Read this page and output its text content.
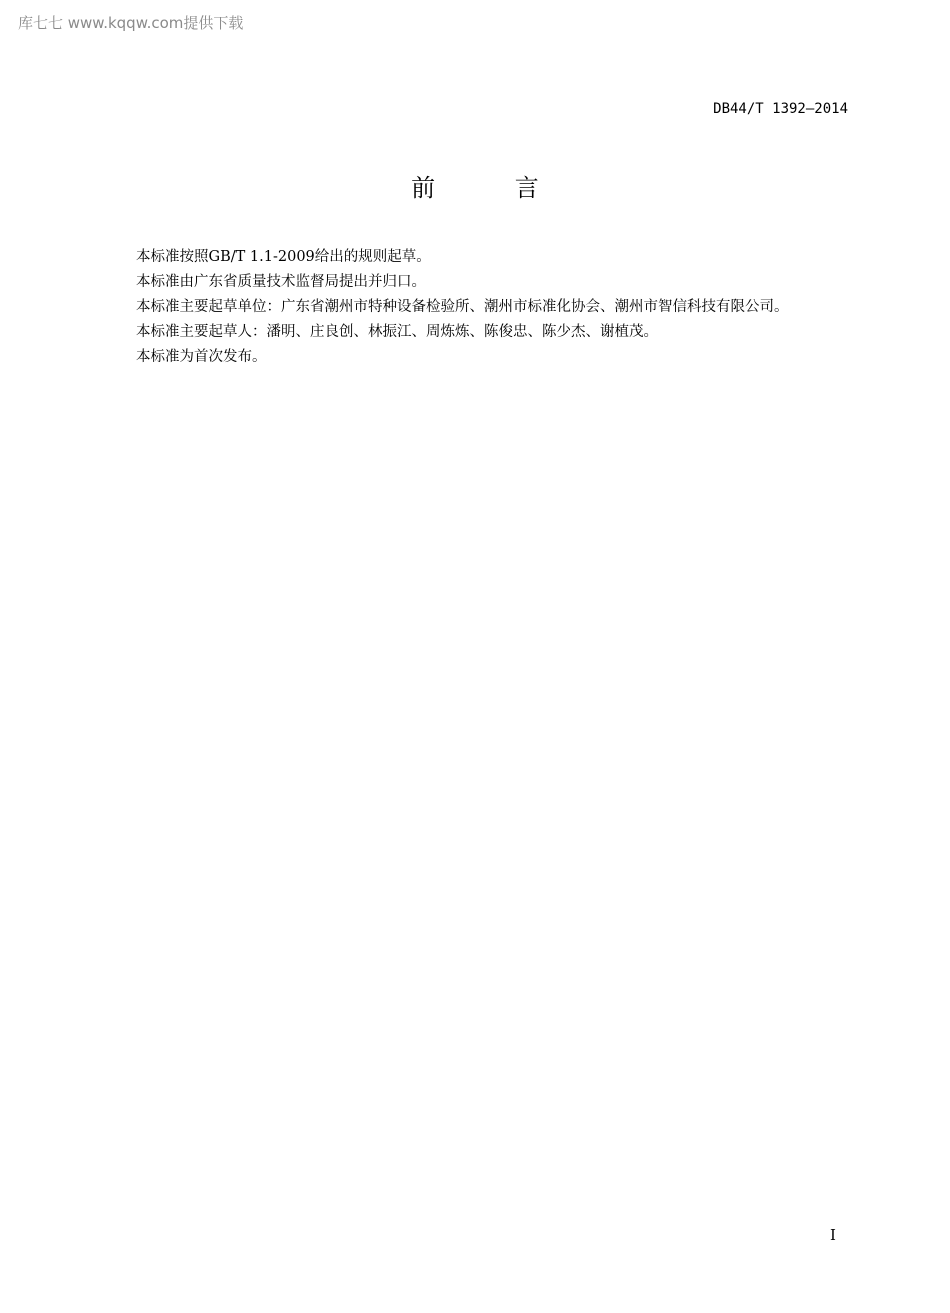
库七七 www.kqqw.com提供下载
DB44/T 1392—2014
前 言

本标准按照GB/T 1.1-2009给出的规则起草。

本标准由广东省质量技术监督局提出并归口。

本标准主要起草单位：广东省潮州市特种设备检验所、潮州市标准化协会、潮州市智信科技有限公司。

本标准主要起草人：潘明、庄良创、林振江、周炼炼、陈俊忠、陈少杰、谢植茂。

本标准为首次发布。

I
